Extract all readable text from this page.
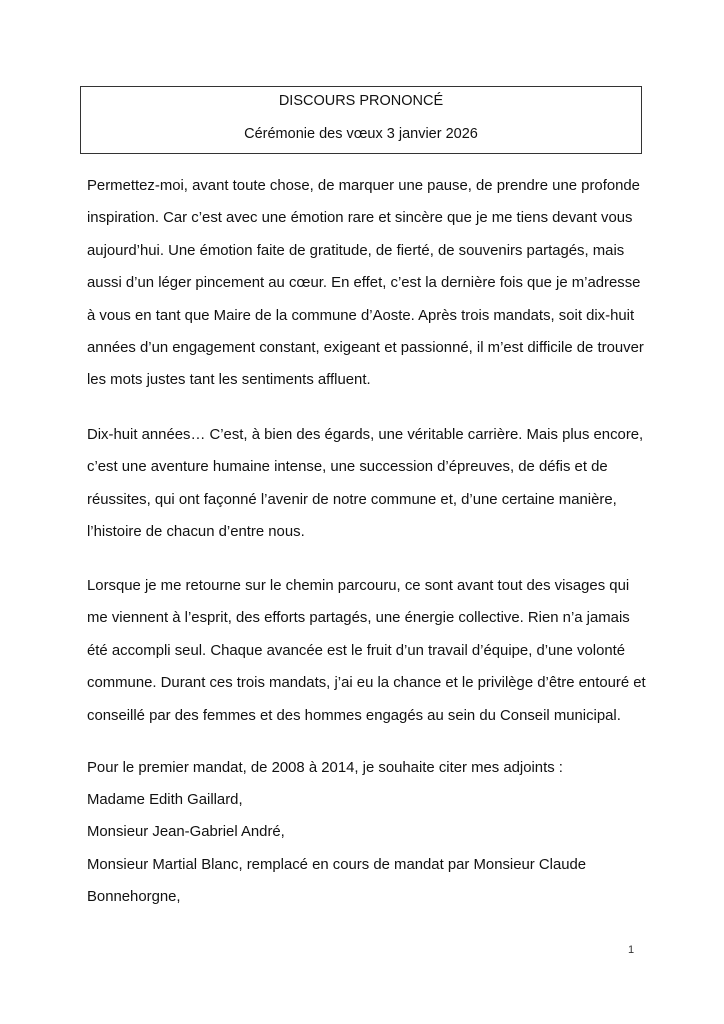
DISCOURS PRONONCÉ
Cérémonie des vœux 3 janvier 2026
Permettez-moi, avant toute chose, de marquer une pause, de prendre une profonde
inspiration. Car c’est avec une émotion rare et sincère que je me tiens devant vous
aujourd’hui. Une émotion faite de gratitude, de fierté, de souvenirs partagés, mais
aussi d’un léger pincement au cœur. En effet, c’est la dernière fois que je m’adresse
à vous en tant que Maire de la commune d’Aoste. Après trois mandats, soit dix-huit
années d’un engagement constant, exigeant et passionné, il m’est difficile de trouver
les mots justes tant les sentiments affluent.
Dix-huit années… C’est, à bien des égards, une véritable carrière. Mais plus encore,
c’est une aventure humaine intense, une succession d’épreuves, de défis et de
réussites, qui ont façonné l’avenir de notre commune et, d’une certaine manière,
l’histoire de chacun d’entre nous.
Lorsque je me retourne sur le chemin parcouru, ce sont avant tout des visages qui
me viennent à l’esprit, des efforts partagés, une énergie collective. Rien n’a jamais
été accompli seul. Chaque avancée est le fruit d’un travail d’équipe, d’une volonté
commune. Durant ces trois mandats, j’ai eu la chance et le privilège d’être entouré et
conseillé par des femmes et des hommes engagés au sein du Conseil municipal.
Pour le premier mandat, de 2008 à 2014, je souhaite citer mes adjoints :
Madame Edith Gaillard,
Monsieur Jean-Gabriel André,
Monsieur Martial Blanc, remplacé en cours de mandat par Monsieur Claude
Bonnehorgne,
1
